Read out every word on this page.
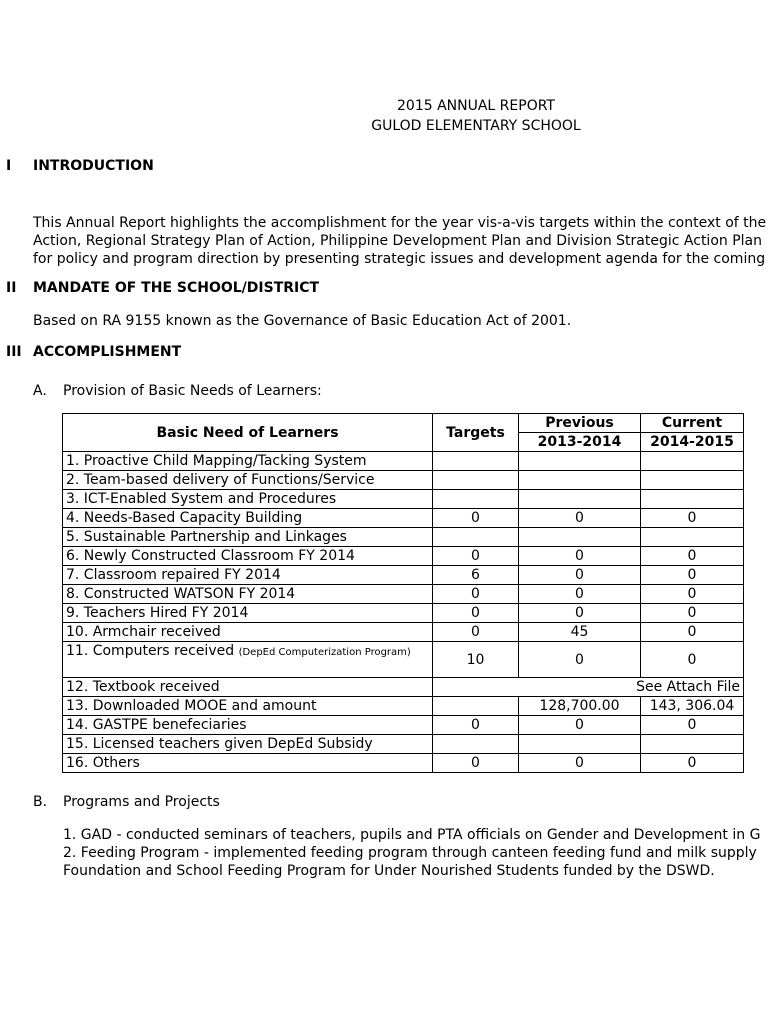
2015 ANNUAL REPORT
GULOD ELEMENTARY SCHOOL
I INTRODUCTION
This Annual Report highlights the accomplishment for the year vis-a-vis targets within the context of the
Action, Regional Strategy Plan of Action, Philippine Development Plan and Division Strategic Action Plan
for policy and program direction by presenting strategic issues and development agenda for the coming
II MANDATE OF THE SCHOOL/DISTRICT
Based on RA 9155 known as the Governance of Basic Education Act of 2001.
III ACCOMPLISHMENT
A. Provision of Basic Needs of Learners:
Basic Need of Learners	Targets	Previous	Current
		2013-2014	2014-2015
1. Proactive Child Mapping/Tacking System			
2. Team-based delivery of Functions/Service			
3. ICT-Enabled System and Procedures			
4. Needs-Based Capacity Building	0	0	0
5. Sustainable Partnership and Linkages			
6. Newly Constructed Classroom FY 2014	0	0	0
7. Classroom repaired FY 2014	6	0	0
8. Constructed WATSON FY 2014	0	0	0
9. Teachers Hired FY 2014	0	0	0
10. Armchair received	0	45	0
11. Computers received (DepEd Computerization Program)	10	0	0
12. Textbook received	See Attach File		
13. Downloaded MOOE and amount		128,700.00	143, 306.04
14. GASTPE benefeciaries	0	0	0
15. Licensed teachers given DepEd Subsidy			
16. Others	0	0	0
B. Programs and Projects
1. GAD - conducted seminars of teachers, pupils and PTA officials on Gender and Development in G
2. Feeding Program - implemented feeding program through canteen feeding fund and milk supply
Foundation and School Feeding Program for Under Nourished Students funded by the DSWD.
